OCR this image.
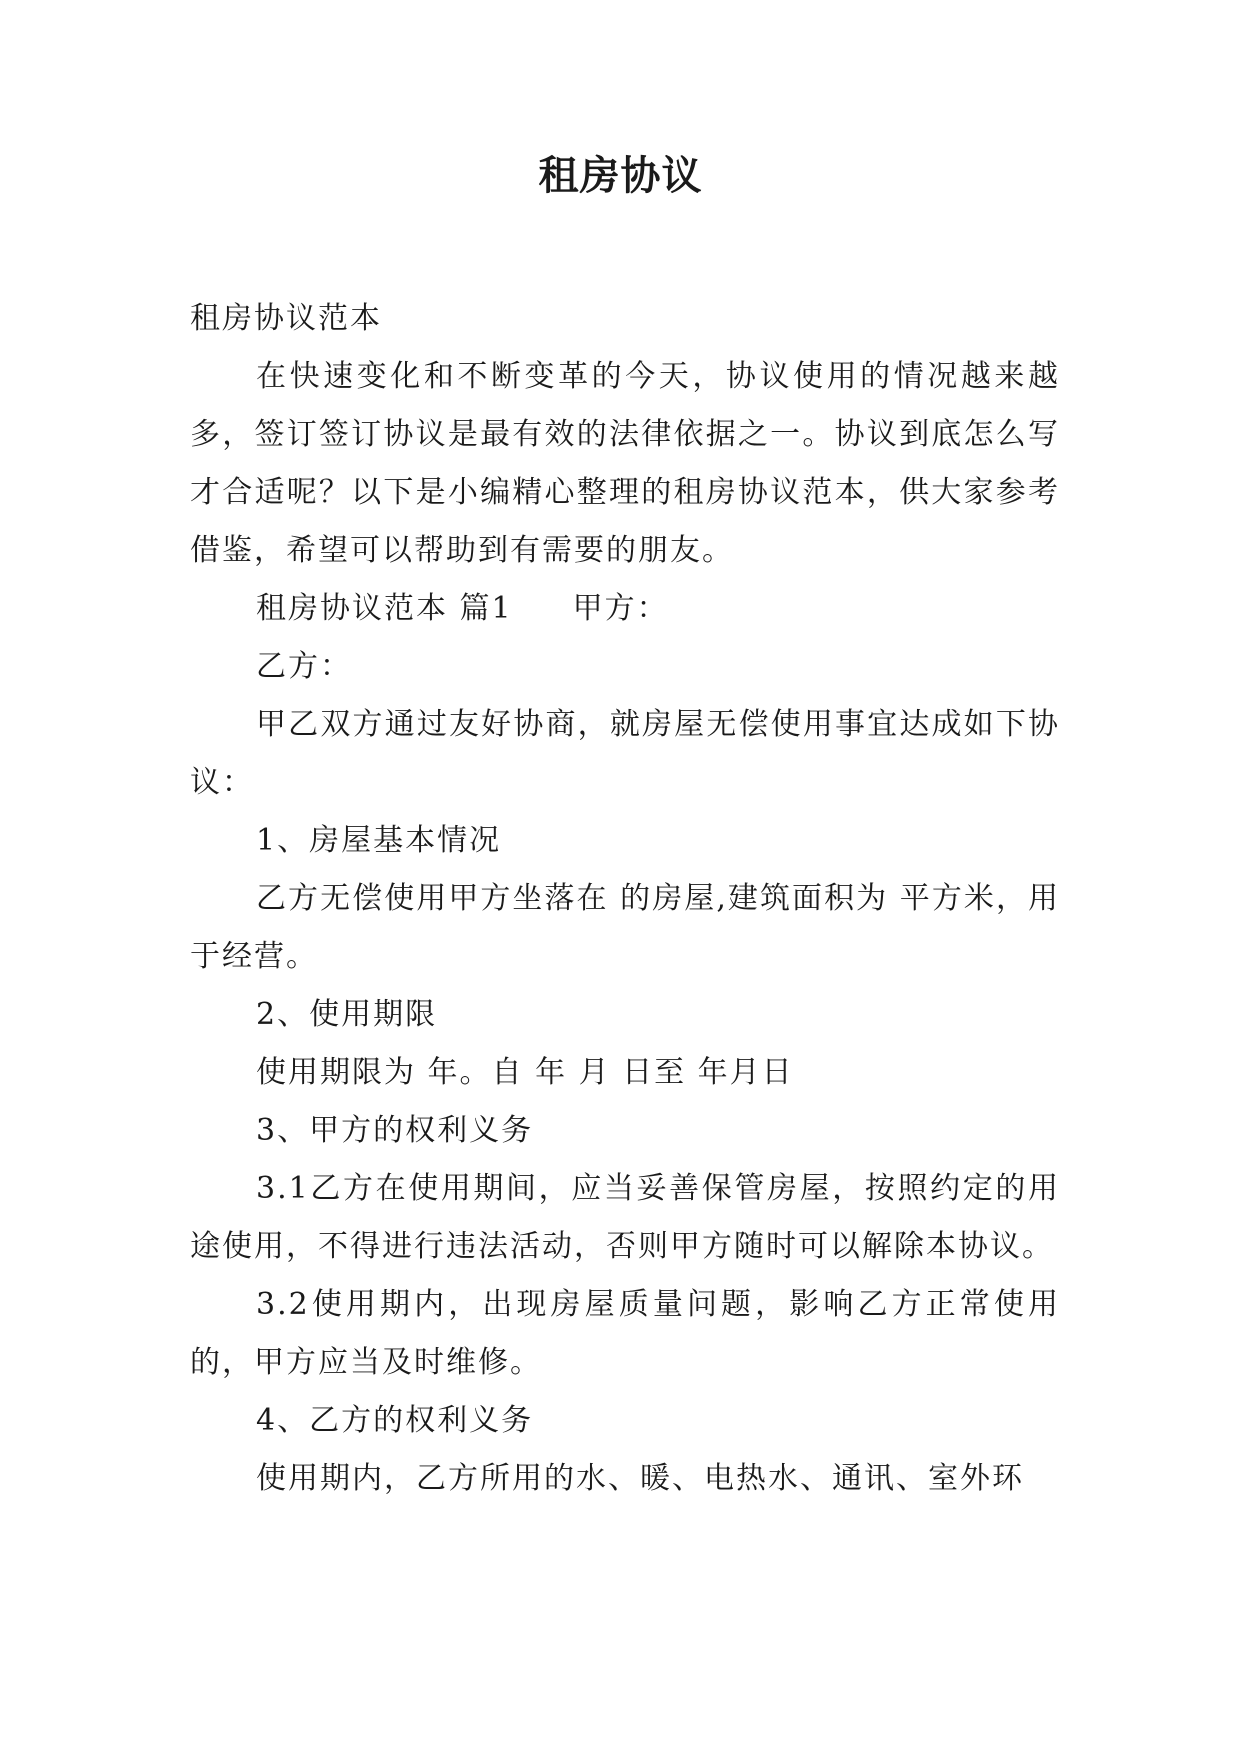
租房协议

租房协议范本

在快速变化和不断变革的今天，协议使用的情况越来越多，签订签订协议是最有效的法律依据之一。协议到底怎么写才合适呢？以下是小编精心整理的租房协议范本，供大家参考借鉴，希望可以帮助到有需要的朋友。

租房协议范本 篇1 甲方：

乙方：

甲乙双方通过友好协商，就房屋无偿使用事宜达成如下协议：

1、房屋基本情况

乙方无偿使用甲方坐落在 的房屋,建筑面积为 平方米，用于经营。

2、使用期限

使用期限为 年。自 年 月 日至 年月日

3、甲方的权利义务

3.1乙方在使用期间，应当妥善保管房屋，按照约定的用途使用，不得进行违法活动，否则甲方随时可以解除本协议。

3.2使用期内，出现房屋质量问题，影响乙方正常使用的，甲方应当及时维修。

4、乙方的权利义务

使用期内，乙方所用的水、暖、电热水、通讯、室外环
